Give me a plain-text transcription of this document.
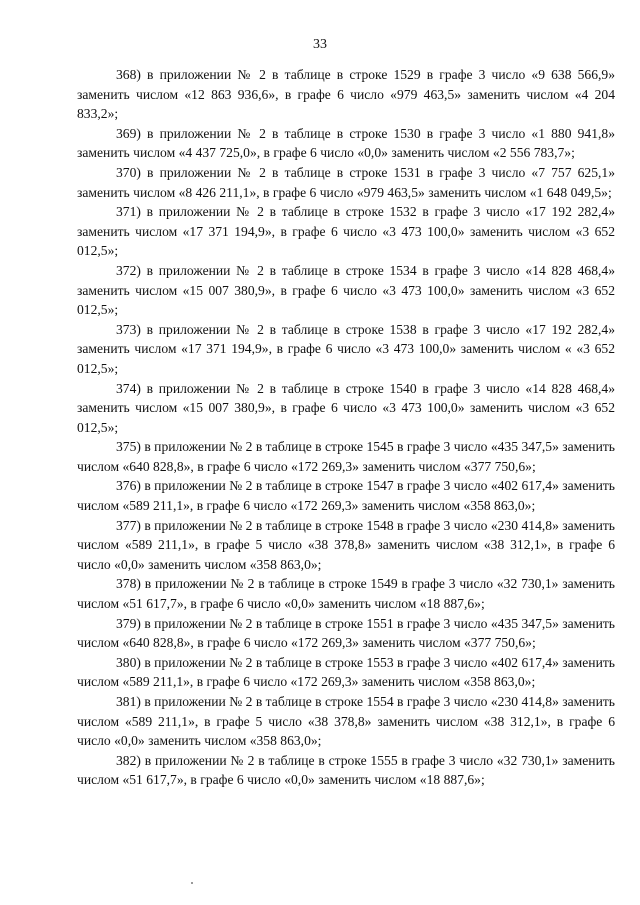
33

368) в приложении № 2 в таблице в строке 1529 в графе 3 число «9 638 566,9» заменить числом «12 863 936,6», в графе 6 число «979 463,5» заменить числом «4 204 833,2»;

369) в приложении № 2 в таблице в строке 1530 в графе 3 число «1 880 941,8» заменить числом «4 437 725,0», в графе 6 число «0,0» заменить числом «2 556 783,7»;

370) в приложении № 2 в таблице в строке 1531 в графе 3 число «7 757 625,1» заменить числом «8 426 211,1», в графе 6 число «979 463,5» заменить числом «1 648 049,5»;

371) в приложении № 2 в таблице в строке 1532 в графе 3 число «17 192 282,4» заменить числом «17 371 194,9», в графе 6 число «3 473 100,0» заменить числом «3 652 012,5»;

372) в приложении № 2 в таблице в строке 1534 в графе 3 число «14 828 468,4» заменить числом «15 007 380,9», в графе 6 число «3 473 100,0» заменить числом «3 652 012,5»;

373) в приложении № 2 в таблице в строке 1538 в графе 3 число «17 192 282,4» заменить числом «17 371 194,9», в графе 6 число «3 473 100,0» заменить числом « «3 652 012,5»;

374) в приложении № 2 в таблице в строке 1540 в графе 3 число «14 828 468,4» заменить числом «15 007 380,9», в графе 6 число «3 473 100,0» заменить числом «3 652 012,5»;

375) в приложении № 2 в таблице в строке 1545 в графе 3 число «435 347,5» заменить числом «640 828,8», в графе 6 число «172 269,3» заменить числом «377 750,6»;

376) в приложении № 2 в таблице в строке 1547 в графе 3 число «402 617,4» заменить числом «589 211,1», в графе 6 число «172 269,3» заменить числом «358 863,0»;

377) в приложении № 2 в таблице в строке 1548 в графе 3 число «230 414,8» заменить числом «589 211,1», в графе 5 число «38 378,8» заменить числом «38 312,1», в графе 6 число «0,0» заменить числом «358 863,0»;

378) в приложении № 2 в таблице в строке 1549 в графе 3 число «32 730,1» заменить числом «51 617,7», в графе 6 число «0,0» заменить числом «18 887,6»;

379) в приложении № 2 в таблице в строке 1551 в графе 3 число «435 347,5» заменить числом «640 828,8», в графе 6 число «172 269,3» заменить числом «377 750,6»;

380) в приложении № 2 в таблице в строке 1553 в графе 3 число «402 617,4» заменить числом «589 211,1», в графе 6 число «172 269,3» заменить числом «358 863,0»;

381) в приложении № 2 в таблице в строке 1554 в графе 3 число «230 414,8» заменить числом «589 211,1», в графе 5 число «38 378,8» заменить числом «38 312,1», в графе 6 число «0,0» заменить числом «358 863,0»;

382) в приложении № 2 в таблице в строке 1555 в графе 3 число «32 730,1» заменить числом «51 617,7», в графе 6 число «0,0» заменить числом «18 887,6»;
